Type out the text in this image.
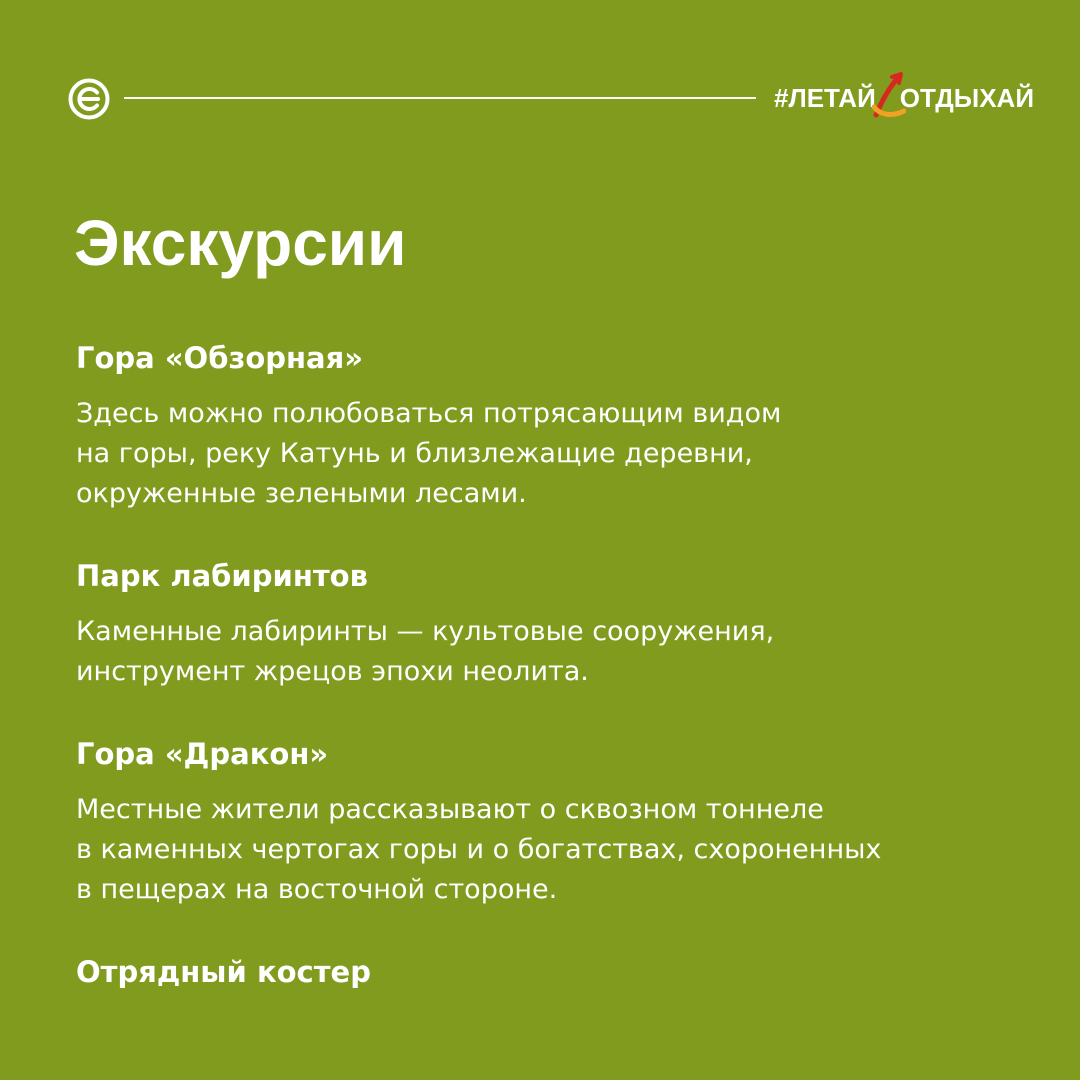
#ЛЕТАЙ ОТДЫХАЙ
Экскурсии
Гора «Обзорная»

Здесь можно полюбоваться потрясающим видом
на горы, реку Катунь и близлежащие деревни,
окруженные зелеными лесами.

Парк лабиринтов

Каменные лабиринты — культовые сооружения,
инструмент жрецов эпохи неолита.

Гора «Дракон»

Местные жители рассказывают о сквозном тоннеле
в каменных чертогах горы и о богатствах, схороненных
в пещерах на восточной стороне.

Отрядный костер
